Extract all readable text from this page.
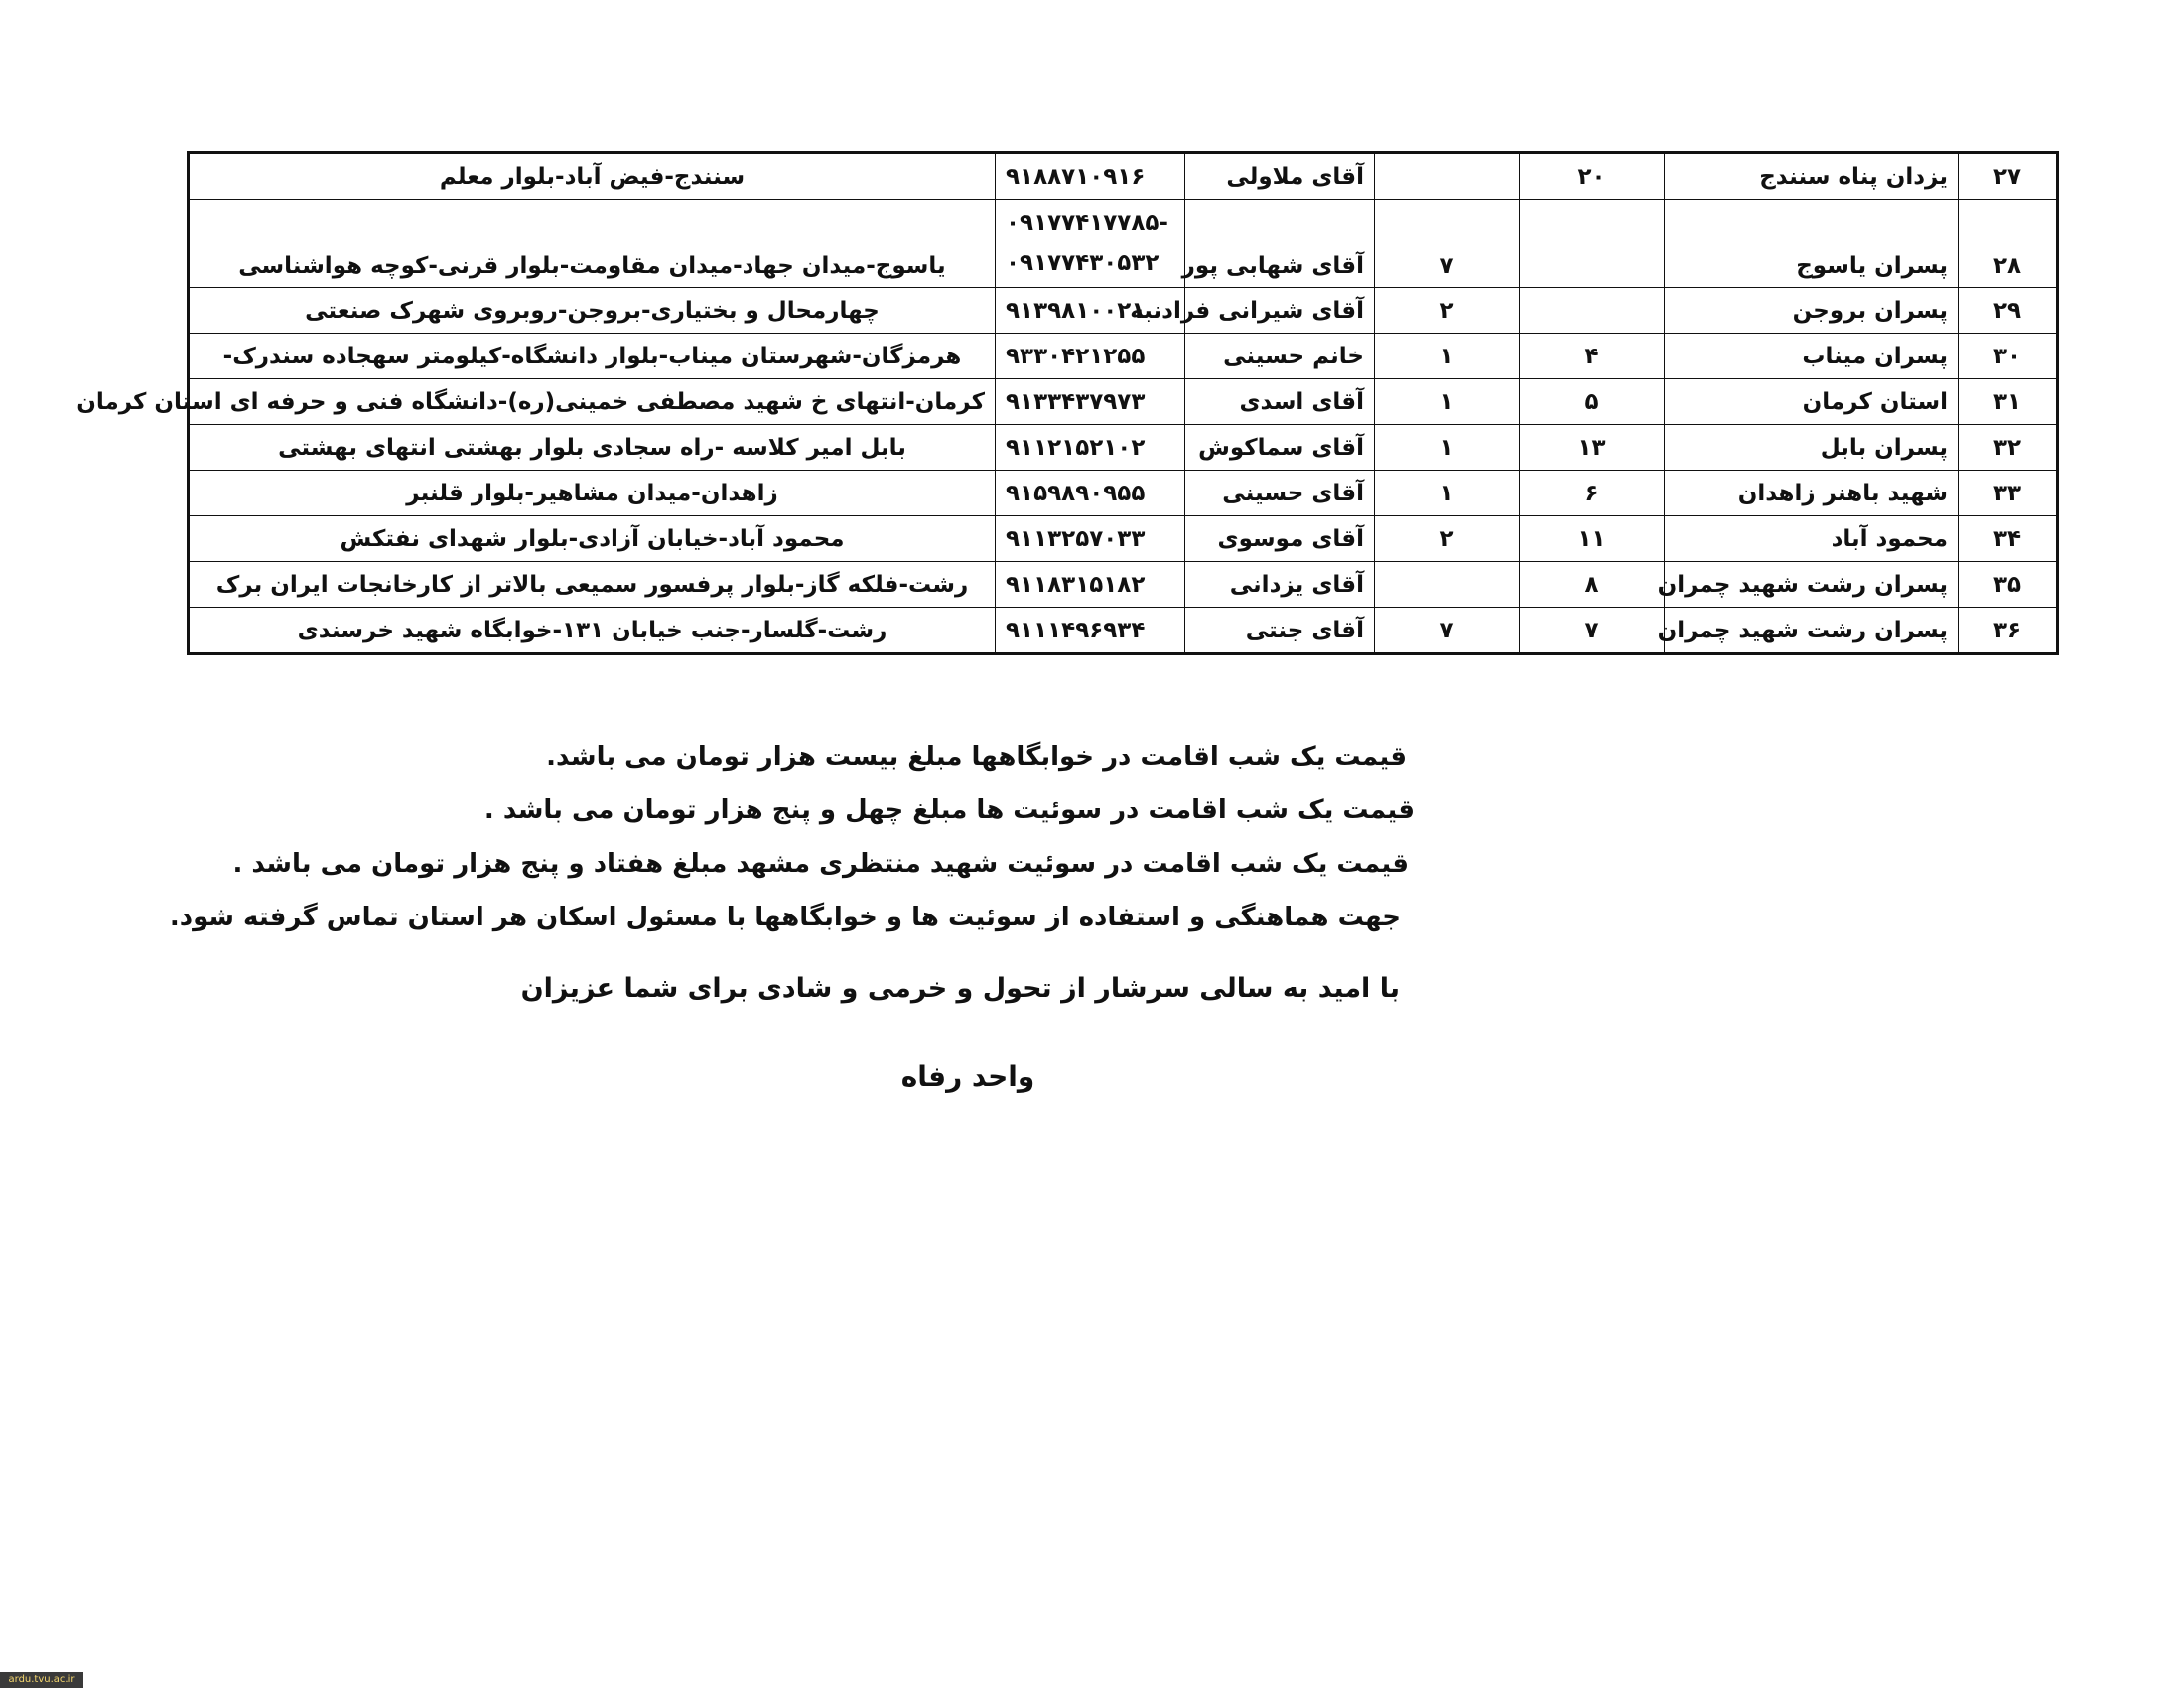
۲۷	یزدان پناه سنندج	۲۰		آقای ملاولی	۹۱۸۸۷۱۰۹۱۶	سنندج-فیض آباد-بلوار معلم
۲۸	پسران یاسوج		۷	آقای شهابی پور	-۰۹۱۷۷۴۱۷۷۸۵
۰۹۱۷۷۴۳۰۵۳۲	یاسوج-میدان جهاد-میدان مقاومت-بلوار قرنی-کوچه هواشناسی
۲۹	پسران بروجن		۲	آقای شیرانی فرادنبه	۹۱۳۹۸۱۰۰۲۱	چهارمحال و بختیاری-بروجن-روبروی شهرک صنعتی
۳۰	پسران میناب	۴	۱	خانم حسینی	۹۳۳۰۴۲۱۲۵۵	هرمزگان-شهرستان میناب-بلوار دانشگاه-کیلومتر سهجاده سندرک-
۳۱	استان کرمان	۵	۱	آقای اسدی	۹۱۳۳۴۳۷۹۷۳	کرمان-انتهای خ شهید مصطفی خمینی(ره)-دانشگاه فنی و حرفه ای استان کرمان
۳۲	پسران بابل	۱۳	۱	آقای سماکوش	۹۱۱۲۱۵۲۱۰۲	بابل امیر کلاسه -راه سجادی بلوار بهشتی انتهای بهشتی
۳۳	شهید باهنر زاهدان	۶	۱	آقای حسینی	۹۱۵۹۸۹۰۹۵۵	زاهدان-میدان مشاهیر-بلوار قلنبر
۳۴	محمود آباد	۱۱	۲	آقای موسوی	۹۱۱۳۲۵۷۰۳۳	محمود آباد-خیابان آزادی-بلوار شهدای نفتکش
۳۵	پسران رشت شهید چمران	۸		آقای یزدانی	۹۱۱۸۳۱۵۱۸۲	رشت-فلکه گاز-بلوار پرفسور سمیعی بالاتر از کارخانجات ایران برک
۳۶	پسران رشت شهید چمران	۷	۷	آقای جنتی	۹۱۱۱۴۹۶۹۳۴	رشت-گلسار-جنب خیابان ۱۳۱-خوابگاه شهید خرسندی
قیمت یک شب اقامت در خوابگاهها مبلغ بیست هزار تومان می باشد.
قیمت یک شب اقامت در سوئیت ها مبلغ چهل و پنج هزار تومان می باشد .
قیمت یک شب اقامت در سوئیت شهید منتظری مشهد مبلغ هفتاد و پنج هزار تومان می باشد .
جهت هماهنگی و استفاده از سوئیت ها و خوابگاهها با مسئول اسکان هر استان تماس گرفته شود.
با امید به سالی سرشار از تحول و خرمی و شادی برای شما عزیزان
واحد رفاه
ardu.tvu.ac.ir
